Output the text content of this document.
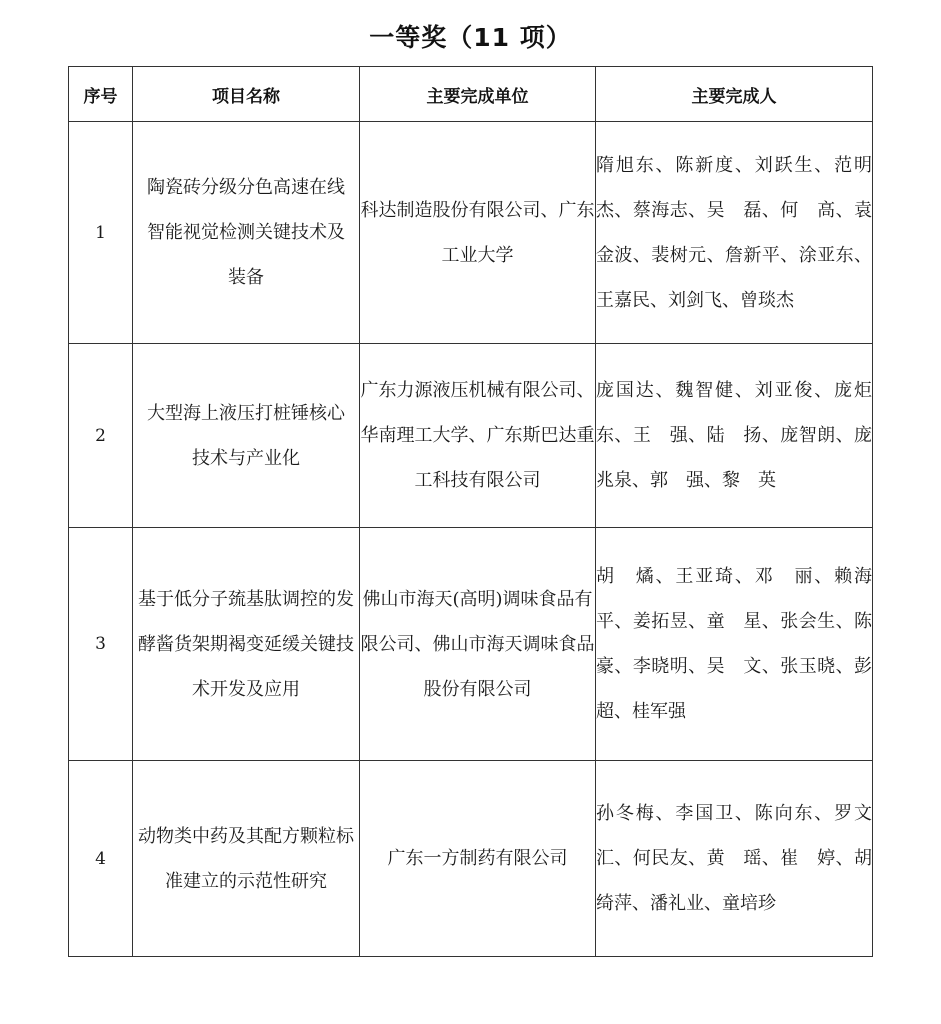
一等奖（11 项）
序号	项目名称	主要完成单位	主要完成人
1	陶瓷砖分级分色高速在线智能视觉检测关键技术及装备	科达制造股份有限公司、广东工业大学	隋旭东、陈新度、刘跃生、范明杰、蔡海志、吴　磊、何　高、袁金波、裴树元、詹新平、涂亚东、王嘉民、刘剑飞、曾琰杰

2	大型海上液压打桩锤核心技术与产业化	广东力源液压机械有限公司、华南理工大学、广东斯巴达重工科技有限公司	庞国达、魏智健、刘亚俊、庞炬东、王　强、陆　扬、庞智朗、庞兆泉、郭　强、黎　英

3	基于低分子巯基肽调控的发酵酱货架期褐变延缓关键技术开发及应用	佛山市海天(高明)调味食品有限公司、佛山市海天调味食品股份有限公司	胡　燏、王亚琦、邓　丽、赖海平、姜拓昱、童　星、张会生、陈　豪、李晓明、吴　文、张玉晓、彭　超、桂军强

4	动物类中药及其配方颗粒标准建立的示范性研究	广东一方制药有限公司	孙冬梅、李国卫、陈向东、罗文汇、何民友、黄　瑶、崔　婷、胡绮萍、潘礼业、童培珍
